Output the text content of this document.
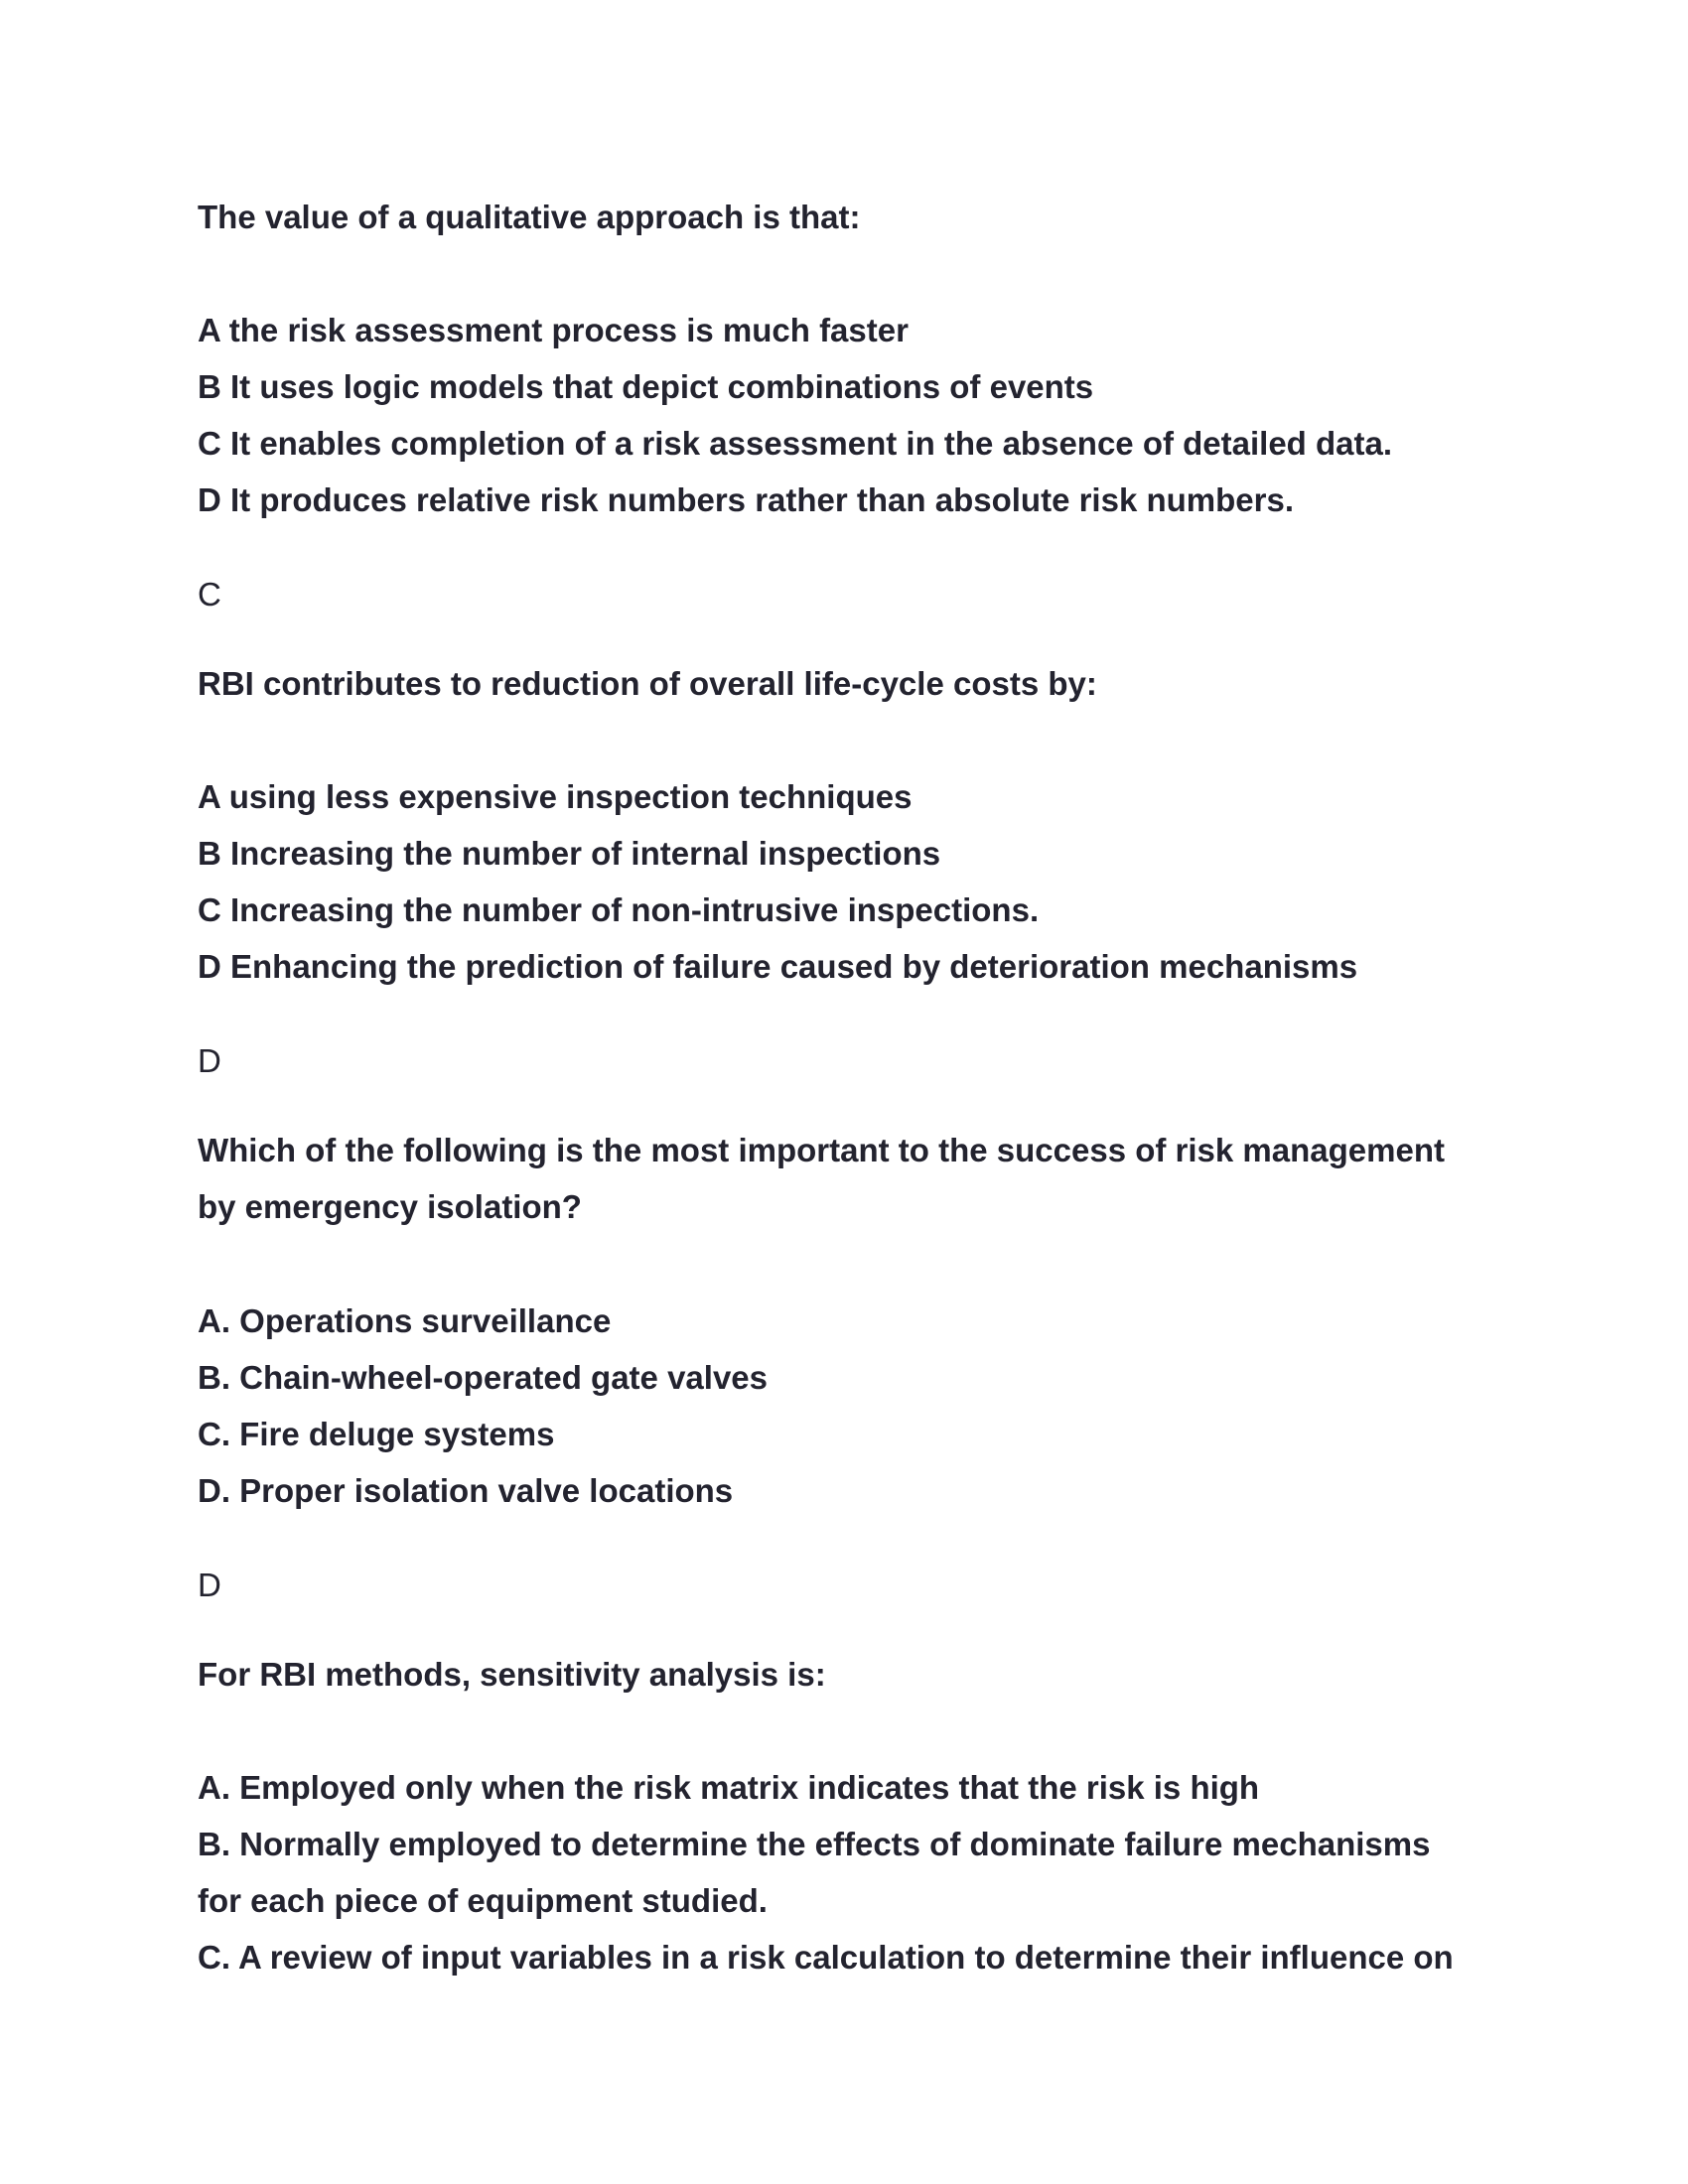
The value of a qualitative approach is that:
A the risk assessment process is much faster
B It uses logic models that depict combinations of events
C It enables completion of a risk assessment in the absence of detailed data.
D It produces relative risk numbers rather than absolute risk numbers.
C
RBI contributes to reduction of overall life-cycle costs by:
A using less expensive inspection techniques
B Increasing the number of internal inspections
C Increasing the number of non-intrusive inspections.
D Enhancing the prediction of failure caused by deterioration mechanisms
D
Which of the following is the most important to the success of risk management
by emergency isolation?
A. Operations surveillance
B. Chain-wheel-operated gate valves
C. Fire deluge systems
D. Proper isolation valve locations
D
For RBI methods, sensitivity analysis is:
A. Employed only when the risk matrix indicates that the risk is high
B. Normally employed to determine the effects of dominate failure mechanisms
for each piece of equipment studied.
C. A review of input variables in a risk calculation to determine their influence on
